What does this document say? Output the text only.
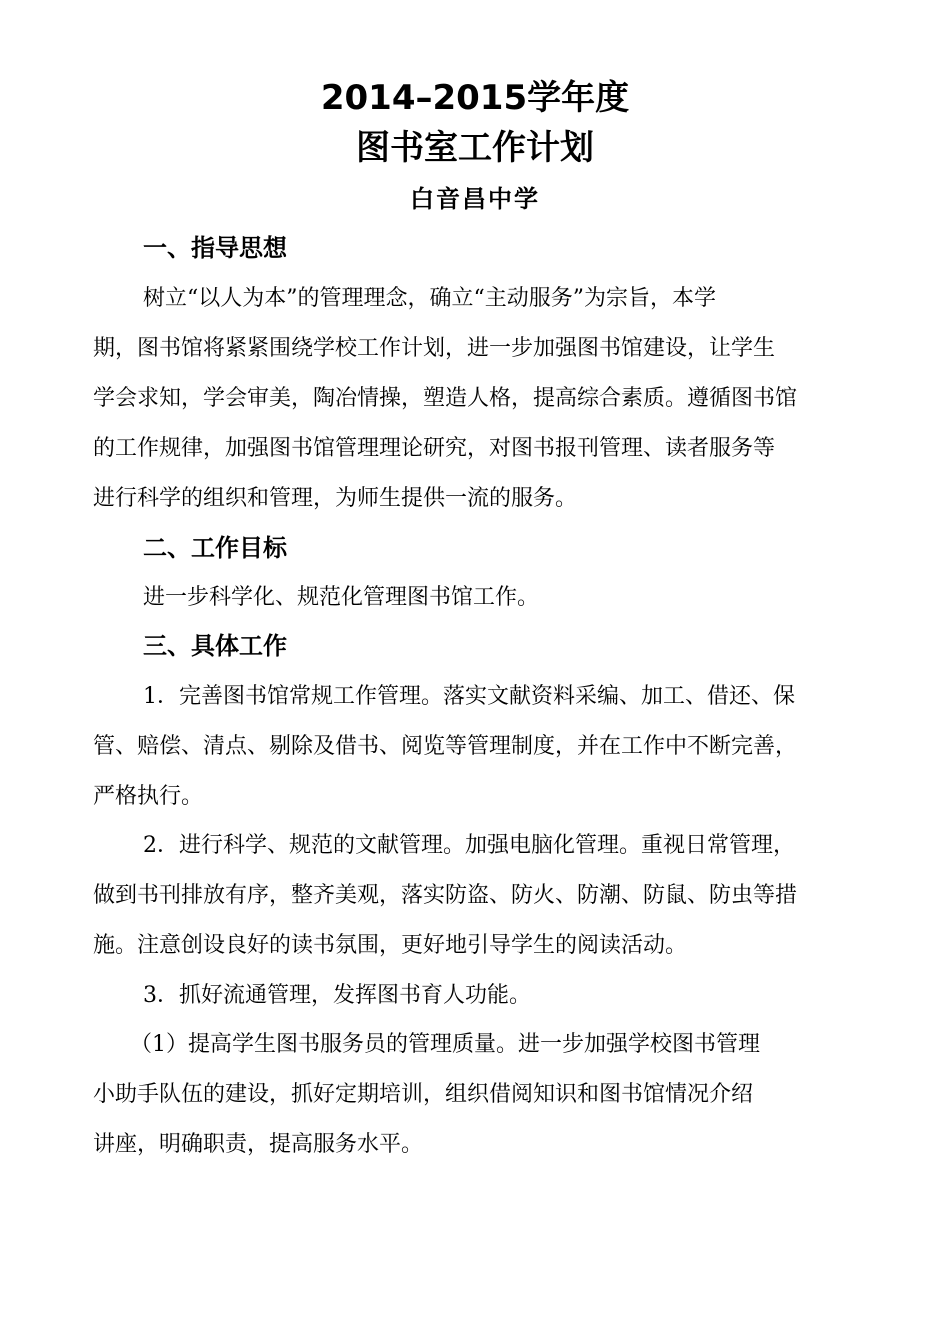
2014–2015学年度
图书室工作计划
白音昌中学
一、指导思想
树立“以人为本”的管理理念，确立“主动服务”为宗旨，本学
期，图书馆将紧紧围绕学校工作计划，进一步加强图书馆建设，让学生
学会求知，学会审美，陶冶情操，塑造人格，提高综合素质。遵循图书馆
的工作规律，加强图书馆管理理论研究，对图书报刊管理、读者服务等
进行科学的组织和管理，为师生提供一流的服务。
二、工作目标
进一步科学化、规范化管理图书馆工作。
三、具体工作
1．完善图书馆常规工作管理。落实文献资料采编、加工、借还、保
管、赔偿、清点、剔除及借书、阅览等管理制度，并在工作中不断完善，
严格执行。
2．进行科学、规范的文献管理。加强电脑化管理。重视日常管理，
做到书刊排放有序，整齐美观，落实防盗、防火、防潮、防鼠、防虫等措
施。注意创设良好的读书氛围，更好地引导学生的阅读活动。
3．抓好流通管理，发挥图书育人功能。
（1）提高学生图书服务员的管理质量。进一步加强学校图书管理
小助手队伍的建设，抓好定期培训，组织借阅知识和图书馆情况介绍
讲座，明确职责，提高服务水平。
